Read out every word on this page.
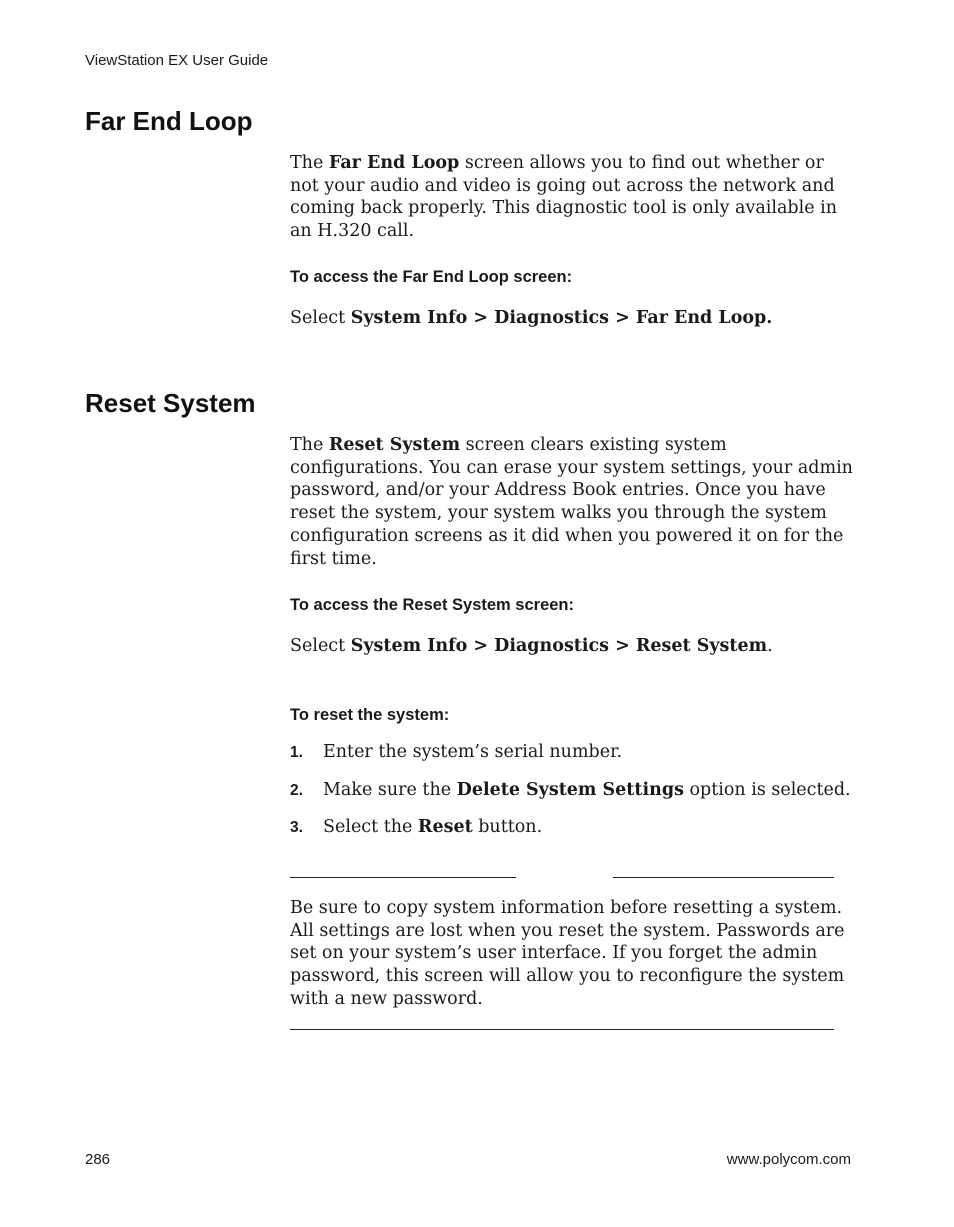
ViewStation EX User Guide
Far End Loop

The Far End Loop screen allows you to find out whether or not your audio and video is going out across the network and coming back properly. This diagnostic tool is only available in an H.320 call.

To access the Far End Loop screen:
Select System Info > Diagnostics > Far End Loop.
Reset System

The Reset System screen clears existing system configurations. You can erase your system settings, your admin password, and/or your Address Book entries. Once you have reset the system, your system walks you through the system configuration screens as it did when you powered it on for the first time.

To access the Reset System screen:
Select System Info > Diagnostics > Reset System.
To reset the system:
1. Enter the system’s serial number.
2. Make sure the Delete System Settings option is selected.
3. Select the Reset button.

Be sure to copy system information before resetting a system. All settings are lost when you reset the system. Passwords are set on your system’s user interface. If you forget the admin password, this screen will allow you to reconfigure the system with a new password.

286	www.polycom.com
